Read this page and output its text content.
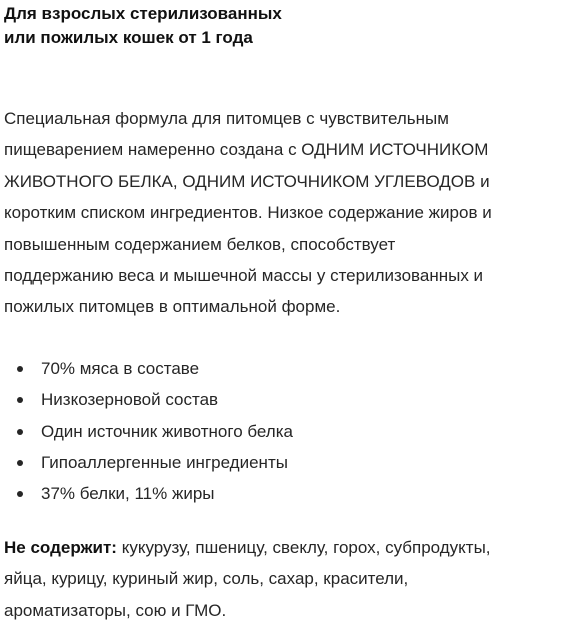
Для взрослых стерилизованных
или пожилых кошек от 1 года

Специальная формула для питомцев с чувствительным
пищеварением намеренно создана с ОДНИМ ИСТОЧНИКОМ
ЖИВОТНОГО БЕЛКА, ОДНИМ ИСТОЧНИКОМ УГЛЕВОДОВ и
коротким списком ингредиентов. Низкое содержание жиров и
повышенным содержанием белков, способствует
поддержанию веса и мышечной массы у стерилизованных и
пожилых питомцев в оптимальной форме.

70% мяса в составе
Низкозерновой состав
Один источник животного белка
Гипоаллергенные ингредиенты
37% белки, 11% жиры

Не содержит: кукурузу, пшеницу, свеклу, горох, субпродукты,
яйца, курицу, куриный жир, соль, сахар, красители,
ароматизаторы, сою и ГМО.
